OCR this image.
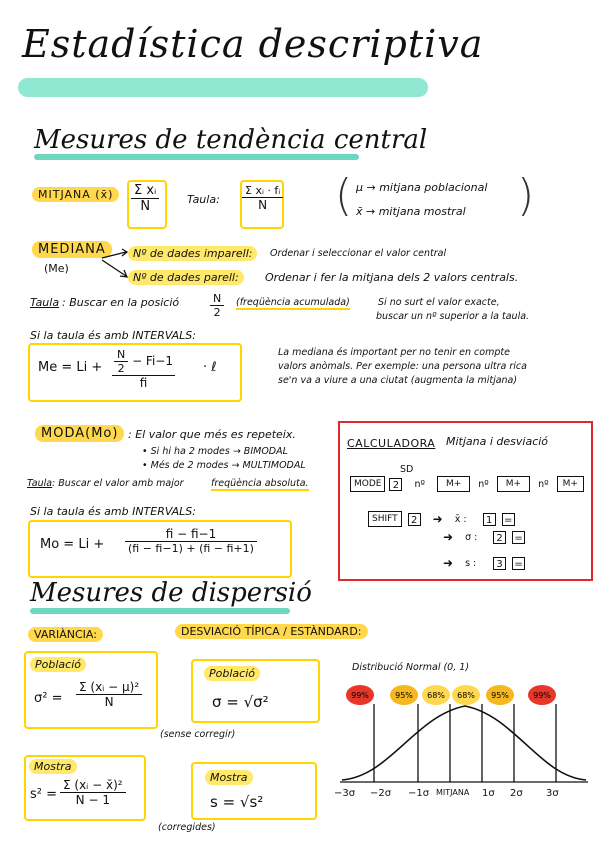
Estadística descriptiva
Mesures de tendència central
MITJANA (x̄)	$\frac{\text{Σ xᵢ}}{N}$	Taula: $\frac{\text{Σ xᵢ · fᵢ}}{N}$ (	)
μ → mitjana poblacional
x̄ → mitjana mostral
MEDIANA
(Me)
Nº de dades imparell:	Ordenar i seleccionar el valor central
Nº de dades parell:	Ordenar i fer la mitjana dels 2 valors centrals.
Taula : Buscar en la posició	$\frac{N}{2}$ (freqüència acumulada)	Si no surt el valor exacte,
buscar un nº superior a la taula.
Si la taula és amb INTERVALS:
$Me = Li + \frac{N}{2} - Fi-1$
fi
· ℓ
La mediana és important per no tenir en compte
valors anòmals. Per exemple: una persona ultra rica
se'n va a viure a una ciutat (augmenta la mitjana)
MODA(Mo) : El valor que més es repeteix.
• Si hi ha 2 modes → BIMODAL
• Més de 2 modes → MULTIMODAL
Taula : Buscar el valor amb major	freqüència absoluta.
Si la taula és amb INTERVALS:
$Mo = Li + \frac{fi - fi-1}{(fi - fi-1) + (fi - fi+1)}$
CALCULADORA Mitjana i desviació
SD
MODE	2	nº	M+	nº	M+	nº	M+
SHIFT	2 ➜ x̄ :	1	=
➜ σ :	2	=
➜ s :	3	=
Mesures de dispersió
VARIÀNCIA:	DESVIACIÓ TÍPICA / ESTÀNDARD:
Població
$\sigma^2 = \frac{\text{Σ (xᵢ − μ)²}}{N}$
(sense corregir)
Mostra
$s^2 = \frac{\text{Σ (xᵢ − x̄)²}}{N - 1}$
(corregides)
Població
σ = √σ²
Mostra
s = √s²
Distribució Normal (0, 1)
99%	95% 68% 68% 95%	99%
−3σ −2σ −1σ MITJANA 1σ 2σ 3σ
